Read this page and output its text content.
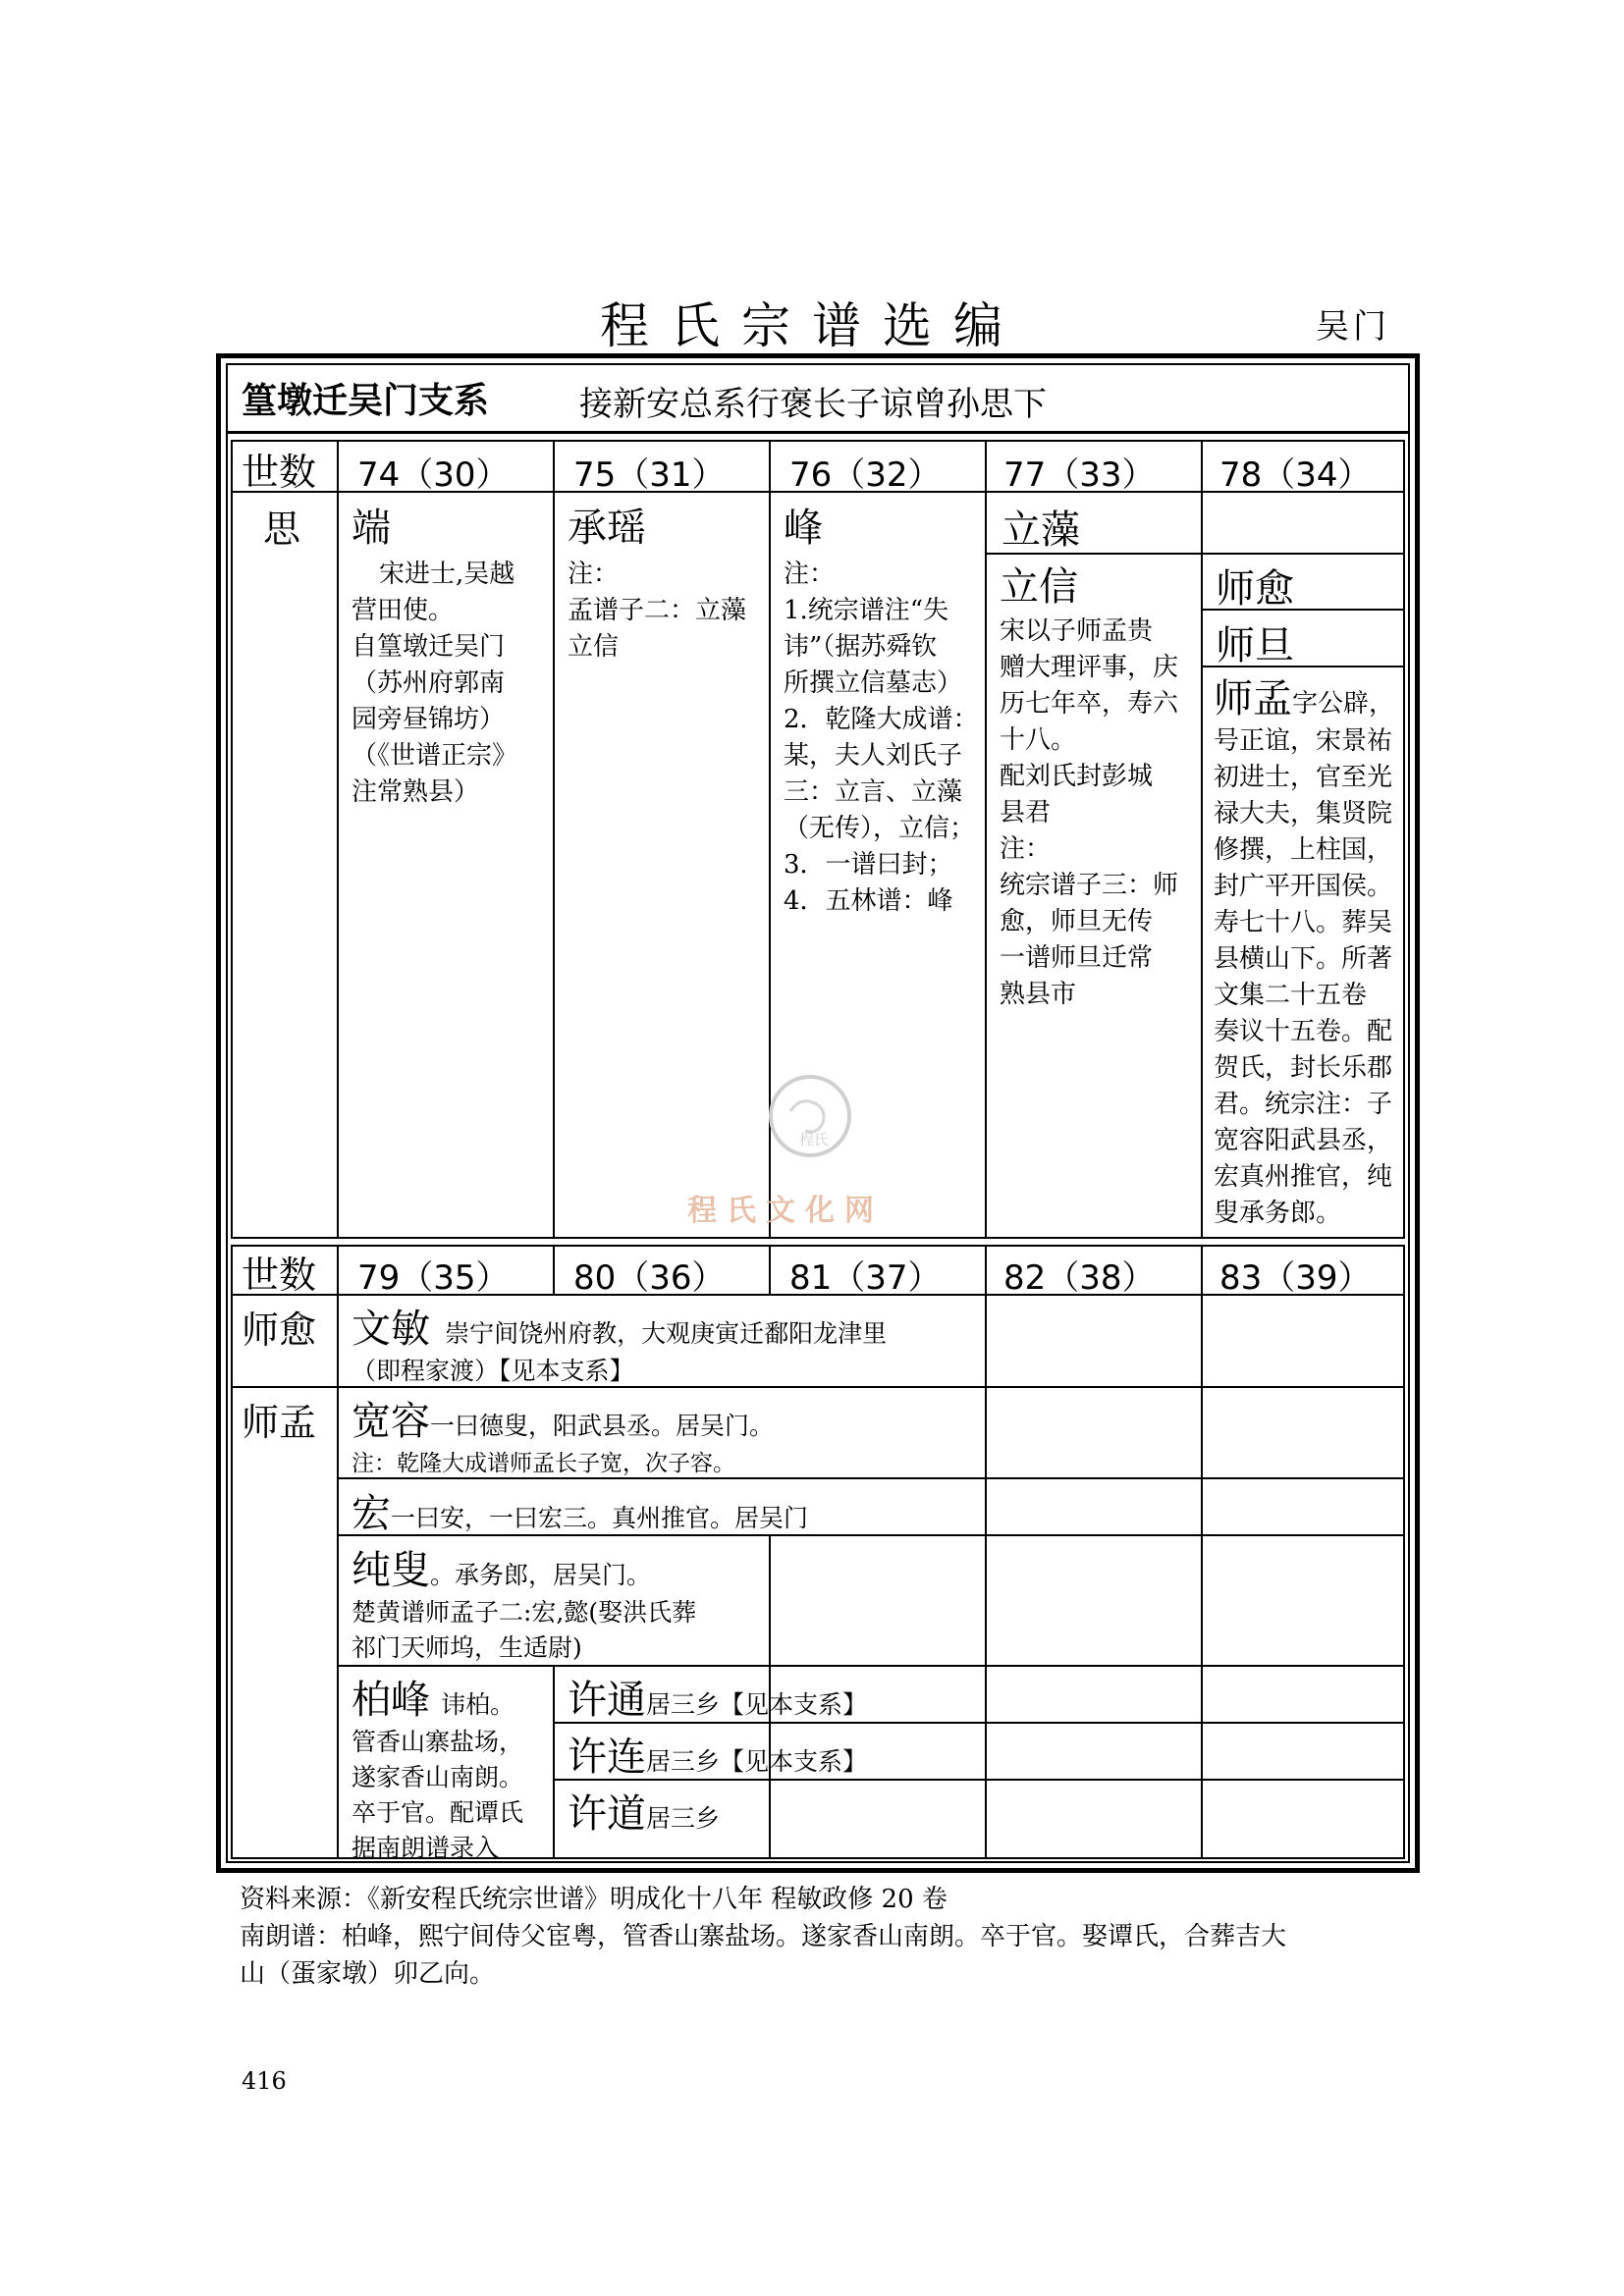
程氏宗谱选编	吴门
篁墩迁吴门支系	接新安总系行褒长子谅曾孙思下
世数 74（30） 75（31） 76（32） 77（33） 78（34）
思 端
宋进士,吴越
营田使。
自篁墩迁吴门
（苏州府郭南
园旁昼锦坊）
（《世谱正宗》
注常熟县）
承瑶
注：
孟谱子二：立藻
立信
峰
注：
1.统宗谱注“失
讳”（据苏舜钦
所撰立信墓志）
2．乾隆大成谱：
某，夫人刘氏子
三：立言、立藻
（无传），立信；
3．一谱曰封；
4．五林谱：峰
立藻
立信
宋以子师孟贵
赠大理评事，庆
历七年卒，寿六
十八。
配刘氏封彭城
县君
注：
统宗谱子三：师
愈，师旦无传
一谱师旦迁常
熟县市
师愈
师旦
师孟字公辟，
号正谊，宋景祐
初进士，官至光
禄大夫，集贤院
修撰，上柱国，
封广平开国侯。
寿七十八。葬吴
县横山下。所著
文集二十五卷
奏议十五卷。配
贺氏，封长乐郡
君。统宗注：子
宽容阳武县丞，
宏真州推官，纯
叟承务郎。
程氏
程氏文化网
世数 79（35） 80（36） 81（37） 82（38） 83（39）
师愈 文敏 崇宁间饶州府教，大观庚寅迁鄱阳龙津里
（即程家渡）【见本支系】
师孟 宽容一曰德叟，阳武县丞。居吴门。
注：乾隆大成谱师孟长子宽，次子容。
宏一曰安，一曰宏三。真州推官。居吴门
纯叟。承务郎，居吴门。
楚黄谱师孟子二:宏,懿(娶洪氏葬
祁门天师坞，生适尉)
柏峰 讳柏。
管香山寨盐场，
遂家香山南朗。
卒于官。配谭氏
据南朗谱录入
许通居三乡【见本支系】
许连居三乡【见本支系】
许道居三乡
资料来源：《新安程氏统宗世谱》明成化十八年 程敏政修 20 卷
南朗谱：柏峰，熙宁间侍父宦粤，管香山寨盐场。遂家香山南朗。卒于官。娶谭氏，合葬吉大
山（蛋家墩）卯乙向。
416
